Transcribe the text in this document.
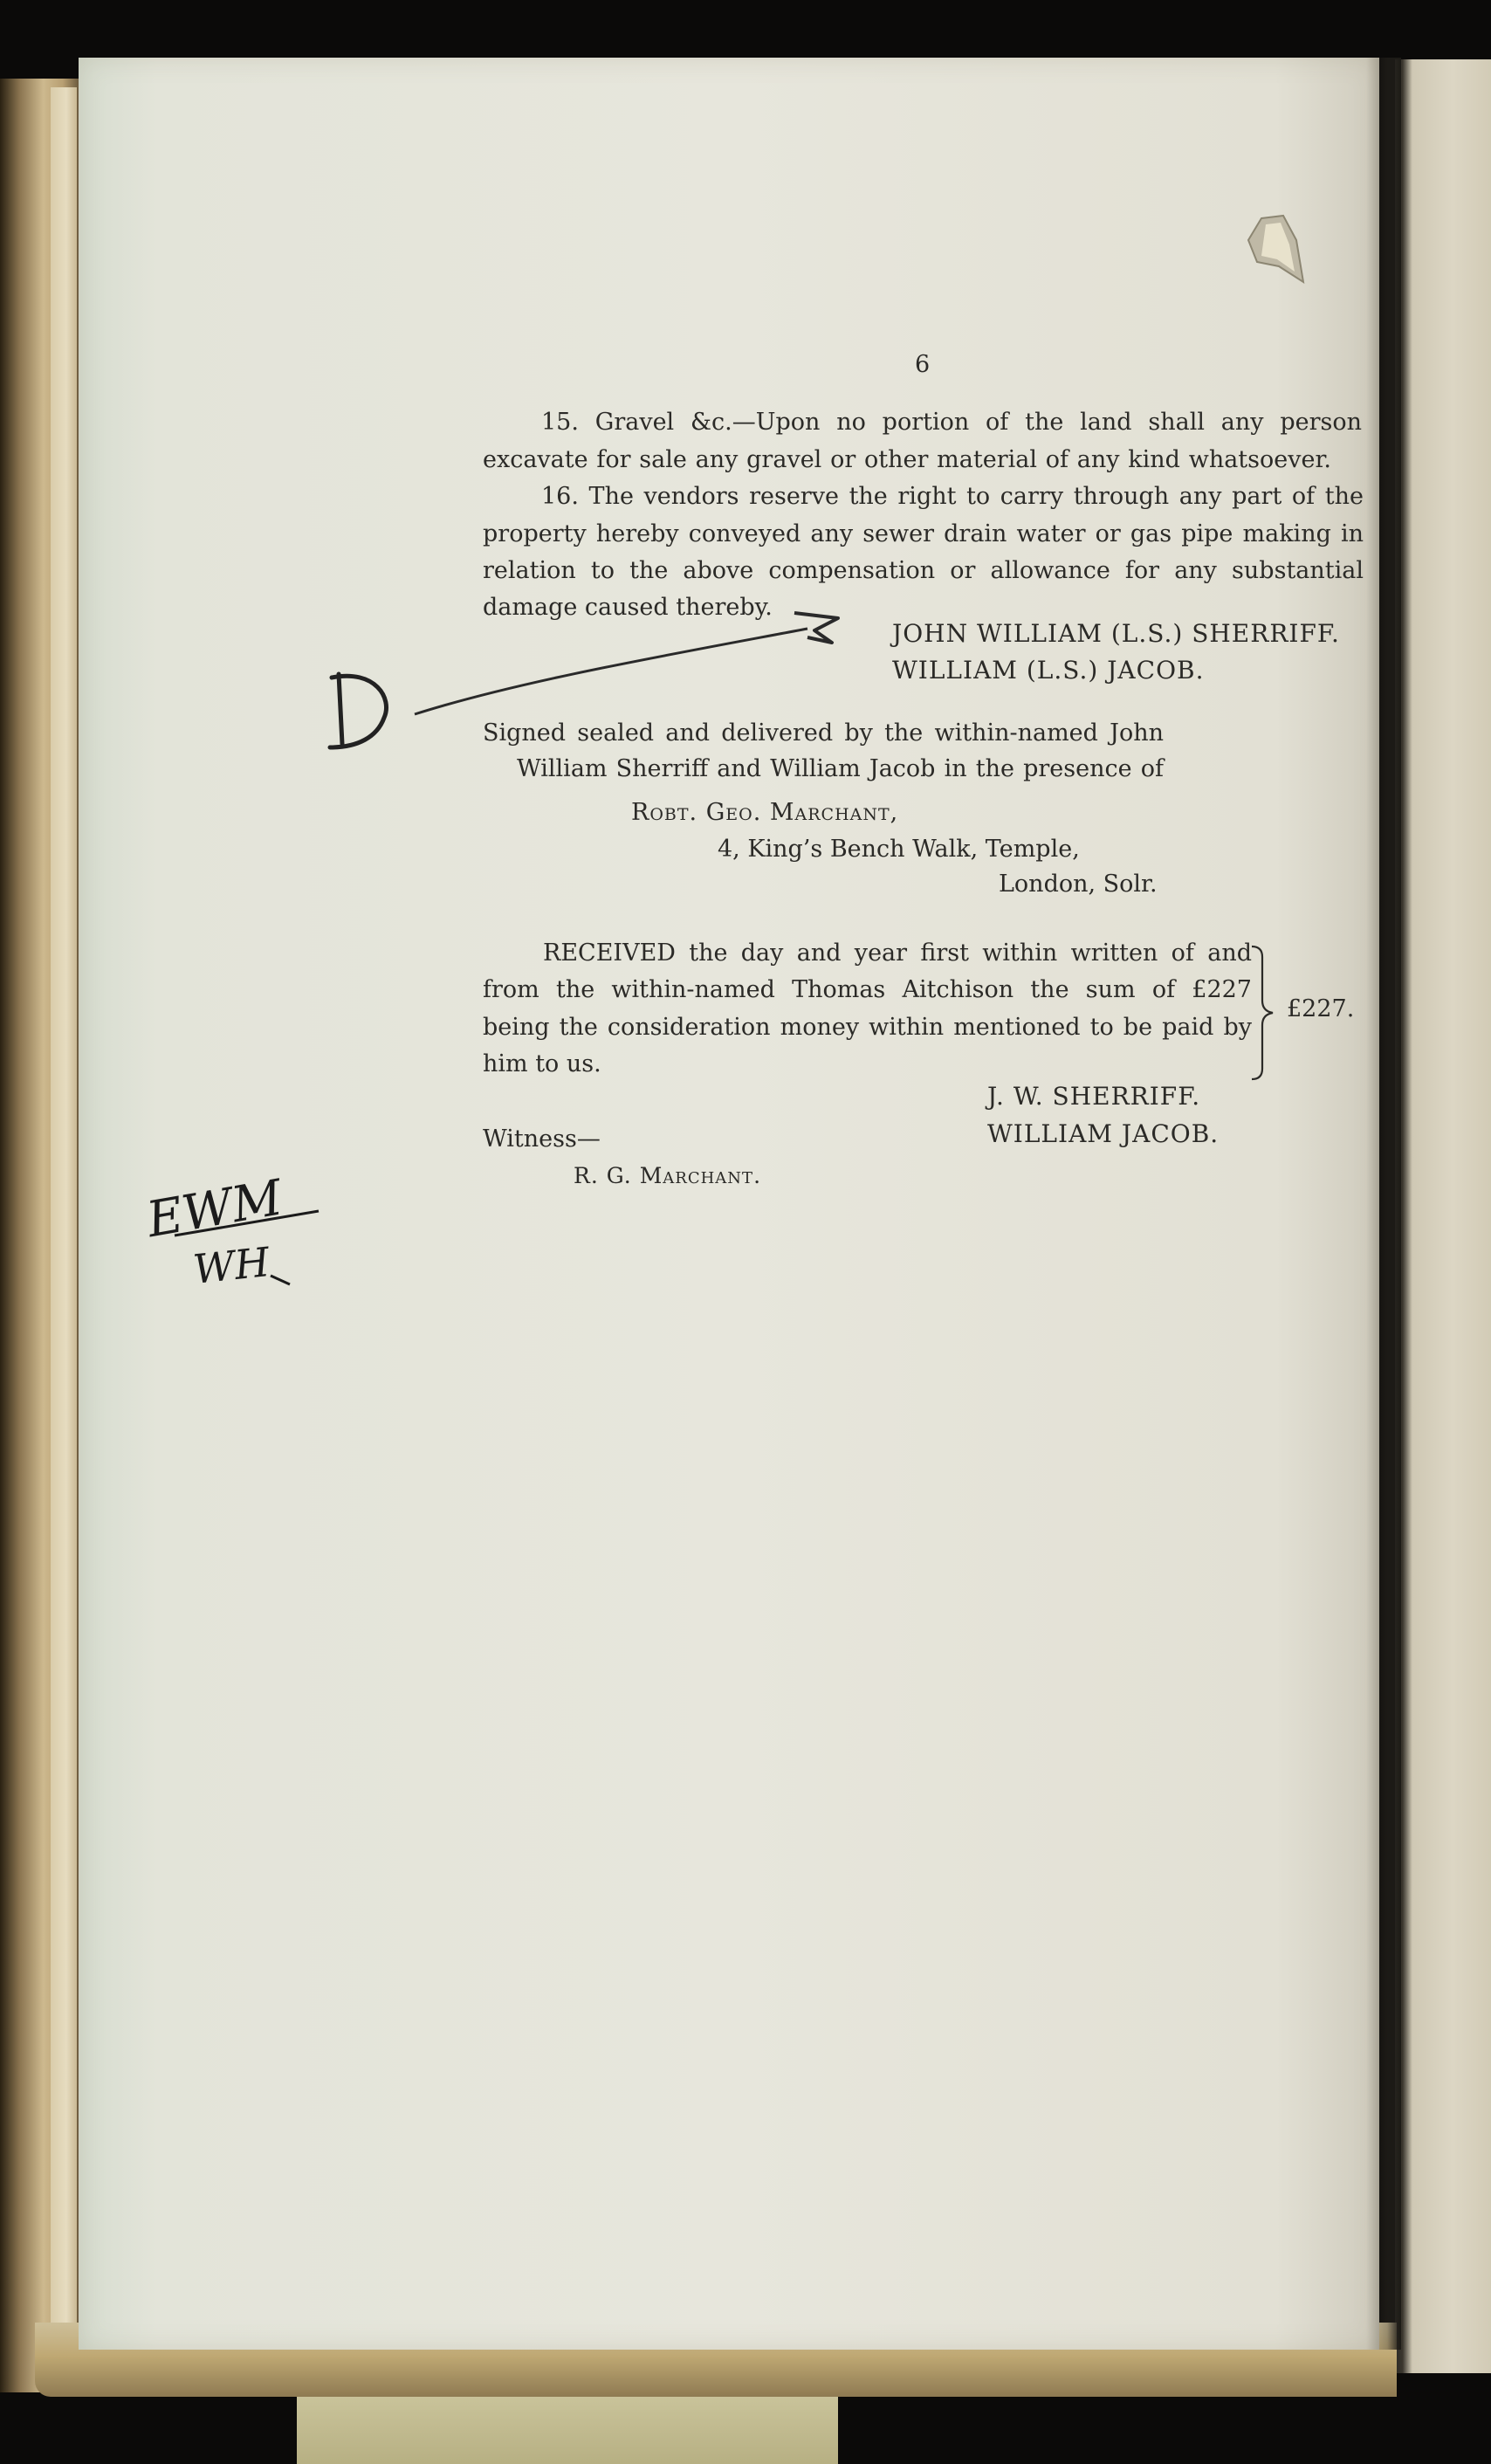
6
15. Gravel &c.—Upon no portion of the land shall any person
excavate for sale any gravel or other material of any kind whatsoever.
16. The vendors reserve the right to carry through any part of the
property hereby conveyed any sewer drain water or gas pipe making in
relation to the above compensation or allowance for any substantial
damage caused thereby.
JOHN WILLIAM (L.S.) SHERRIFF.
WILLIAM (L.S.) JACOB.
Signed sealed and delivered by the within-named John
William Sherriff and William Jacob in the presence of
Robt. Geo. Marchant,
4, King’s Bench Walk, Temple,
London, Solr.
RECEIVED the day and year first within written of and
from the within-named Thomas Aitchison the sum of £227
being the consideration money within mentioned to be paid by
him to us.
£227.
J. W. SHERRIFF.
WILLIAM JACOB.
Witness—
R. G. Marchant.
D
EWM
WH
